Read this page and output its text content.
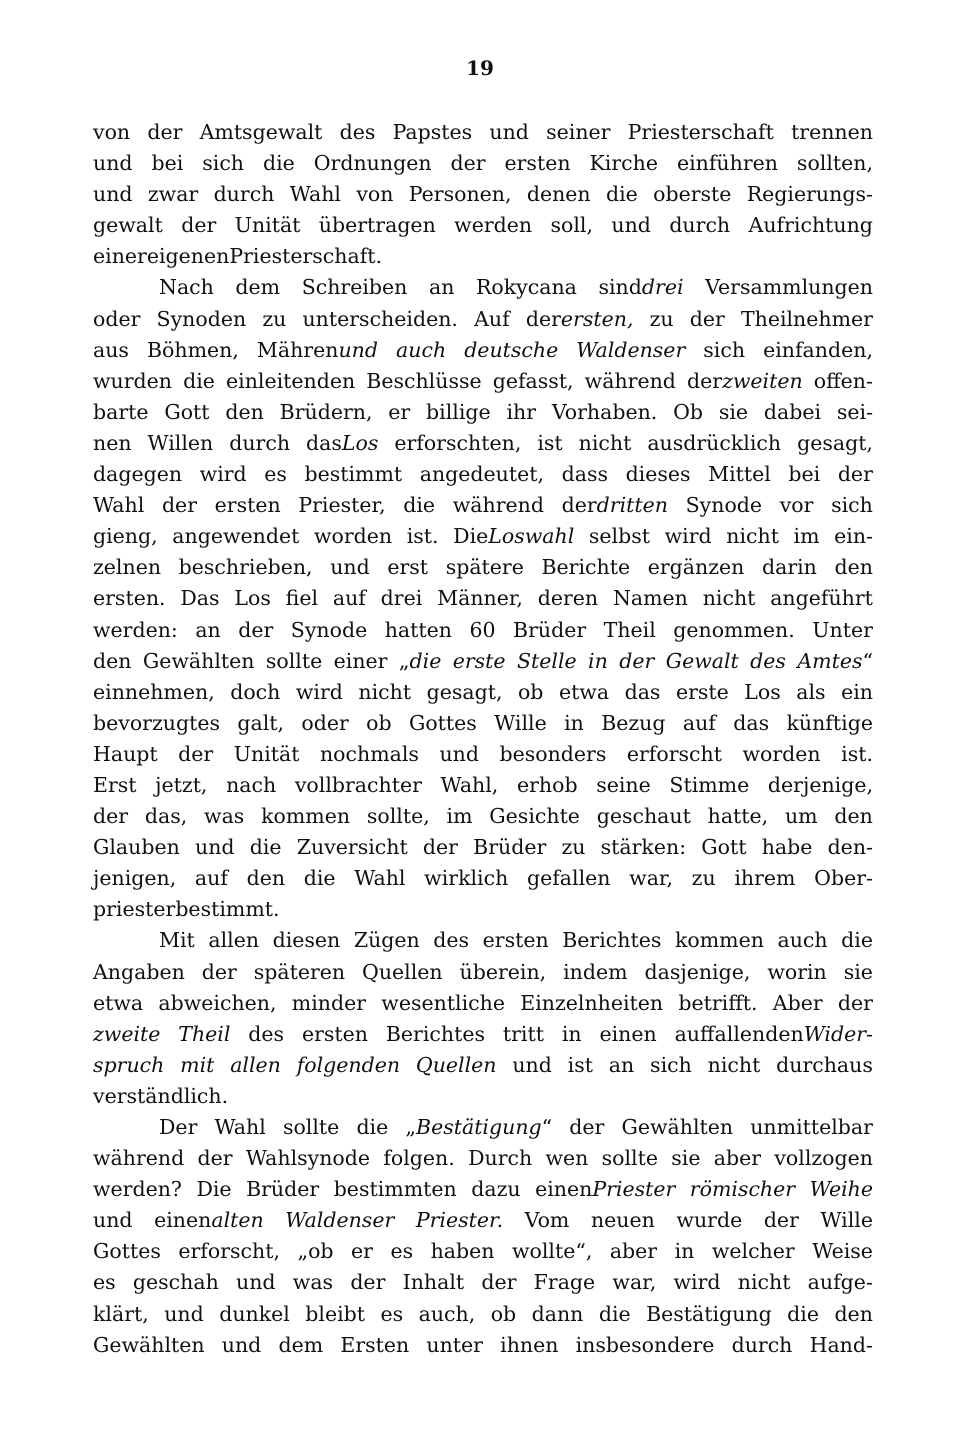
19
von der Amtsgewalt des Papstes und seiner Priesterschaft trennen
und bei sich die Ordnungen der ersten Kirche einführen sollten,
und zwar durch Wahl von Personen, denen die oberste Regierungs-
gewalt der Unität übertragen werden soll, und durch Aufrichtung
einer eigenen Priesterschaft.
Nach dem Schreiben an Rokycana sinddrei Versammlungen
oder Synoden zu unterscheiden. Auf derersten, zu der Theilnehmer
aus Böhmen, Mährenund auch deutsche Waldenser sich einfanden,
wurden die einleitenden Beschlüsse gefasst, während derzweiten offen-
barte Gott den Brüdern, er billige ihr Vorhaben. Ob sie dabei sei-
nen Willen durch dasLos erforschten, ist nicht ausdrücklich gesagt,
dagegen wird es bestimmt angedeutet, dass dieses Mittel bei der
Wahl der ersten Priester, die während derdritten Synode vor sich
gieng, angewendet worden ist. DieLoswahl selbst wird nicht im ein-
zelnen beschrieben, und erst spätere Berichte ergänzen darin den
ersten. Das Los fiel auf drei Männer, deren Namen nicht angeführt
werden: an der Synode hatten 60 Brüder Theil genommen. Unter
den Gewählten sollte einer „die erste Stelle in der Gewalt des Amtes“
einnehmen, doch wird nicht gesagt, ob etwa das erste Los als ein
bevorzugtes galt, oder ob Gottes Wille in Bezug auf das künftige
Haupt der Unität nochmals und besonders erforscht worden ist.
Erst jetzt, nach vollbrachter Wahl, erhob seine Stimme derjenige,
der das, was kommen sollte, im Gesichte geschaut hatte, um den
Glauben und die Zuversicht der Brüder zu stärken: Gott habe den-
jenigen, auf den die Wahl wirklich gefallen war, zu ihrem Ober-
priester bestimmt.
Mit allen diesen Zügen des ersten Berichtes kommen auch die
Angaben der späteren Quellen überein, indem dasjenige, worin sie
etwa abweichen, minder wesentliche Einzelnheiten betrifft. Aber der
zweite Theil des ersten Berichtes tritt in einen auffallendenWider-
spruch mit allen folgenden Quellen und ist an sich nicht durchaus
verständlich.
Der Wahl sollte die „Bestätigung“ der Gewählten unmittelbar
während der Wahlsynode folgen. Durch wen sollte sie aber vollzogen
werden? Die Brüder bestimmten dazu einenPriester römischer Weihe
und einenalten Waldenser Priester. Vom neuen wurde der Wille
Gottes erforscht, „ob er es haben wollte“, aber in welcher Weise
es geschah und was der Inhalt der Frage war, wird nicht aufge-
klärt, und dunkel bleibt es auch, ob dann die Bestätigung die den
Gewählten und dem Ersten unter ihnen insbesondere durch Hand-
